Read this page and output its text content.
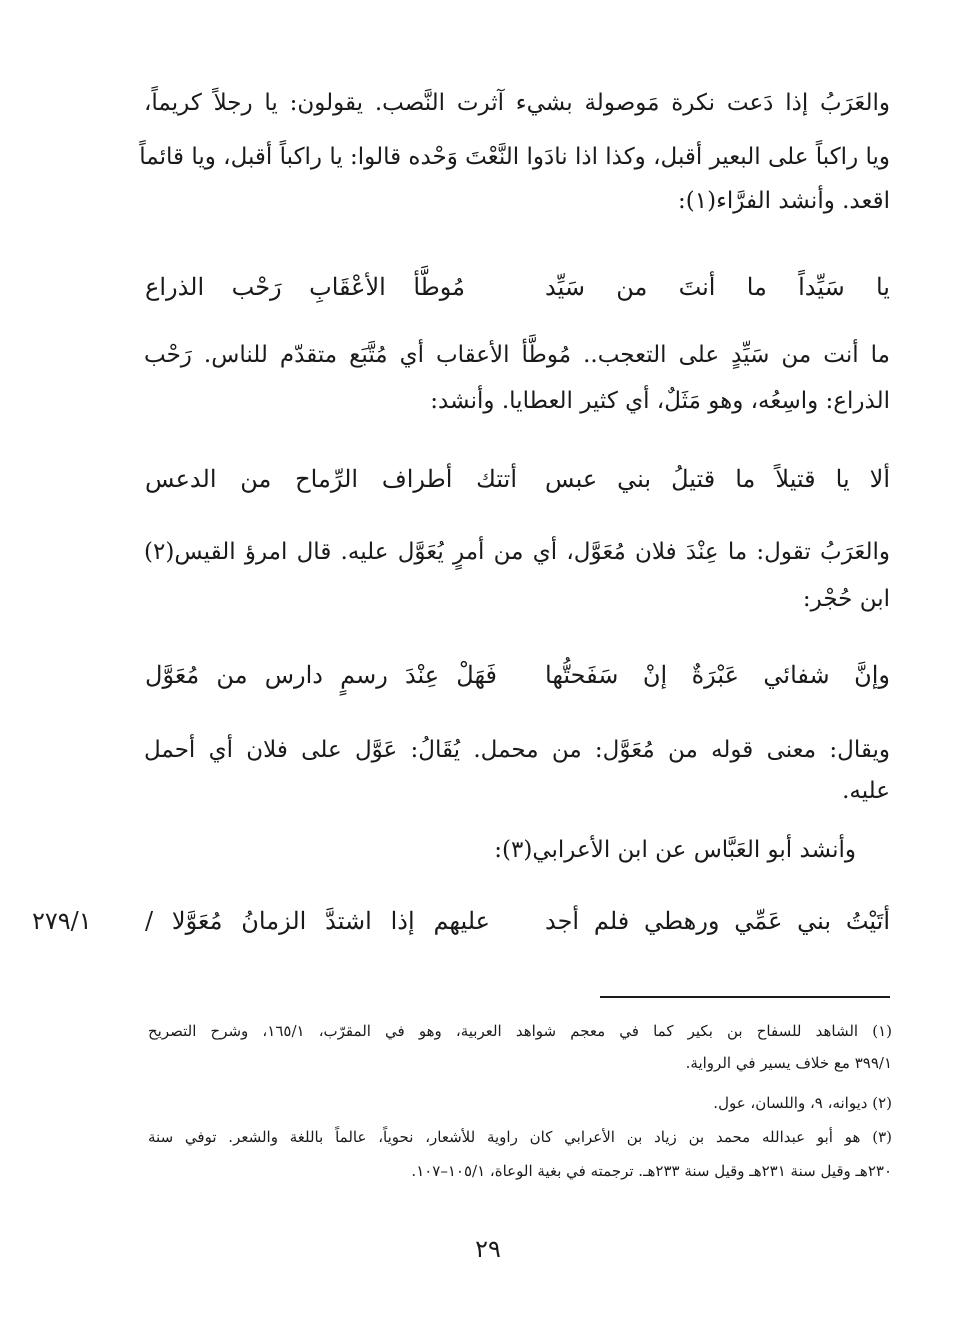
والعَرَبُ إذا دَعت نكرة مَوصولة بشيء آثرت النَّصب. يقولون: يا رجلاً كريماً،
ويا راكباً على البعير أقبل، وكذا اذا نادَوا النَّعْتَ وَحْده قالوا: يا راكباً أقبل، ويا قائماً
اقعد. وأنشد الفرَّاء(١):
يا سَيِّداً ما أنتَ من سَيِّد
مُوطَّأ الأعْقَابِ رَحْب الذراع
ما أنت من سَيِّدٍ على التعجب.. مُوطَّأ الأعقاب أي مُتَّبَع متقدّم للناس. رَحْب
الذراع: واسِعُه، وهو مَثَلٌ، أي كثير العطايا. وأنشد:
ألا يا قتيلاً ما قتيلُ بني عبس
أتتك أطراف الرِّماح من الدعس
والعَرَبُ تقول: ما عِنْدَ فلان مُعَوَّل، أي من أمرٍ يُعَوَّل عليه. قال امرؤ القيس(٢)
ابن حُجْر:
وإنَّ شفائي عَبْرَةٌ إنْ سَفَحتُّها
فَهَلْ عِنْدَ رسمٍ دارس من مُعَوَّل
ويقال: معنى قوله من مُعَوَّل: من محمل. يُقَالُ: عَوَّل على فلان أي أحمل
عليه.
وأنشد أبو العَبَّاس عن ابن الأعرابي(٣):
أتَيْتُ بني عَمِّي ورهطي فلم أجد
عليهم إذا اشتدَّ الزمانُ مُعَوَّلا /
٢٧٩/١
(١) الشاهد للسفاح بن بكير كما في معجم شواهد العربية، وهو في المقرّب، ١٦٥/١، وشرح التصريح
٣٩٩/١ مع خلاف يسير في الرواية.
(٢) ديوانه، ٩، واللسان، عول.
(٣) هو أبو عبدالله محمد بن زياد بن الأعرابي كان راوية للأشعار، نحوياً، عالماً باللغة والشعر. توفي سنة
٢٣٠هـ وقيل سنة ٢٣١هـ وقيل سنة ٢٣٣هـ. ترجمته في بغية الوعاة، ١٠٥/١–١٠٧.
٢٩
